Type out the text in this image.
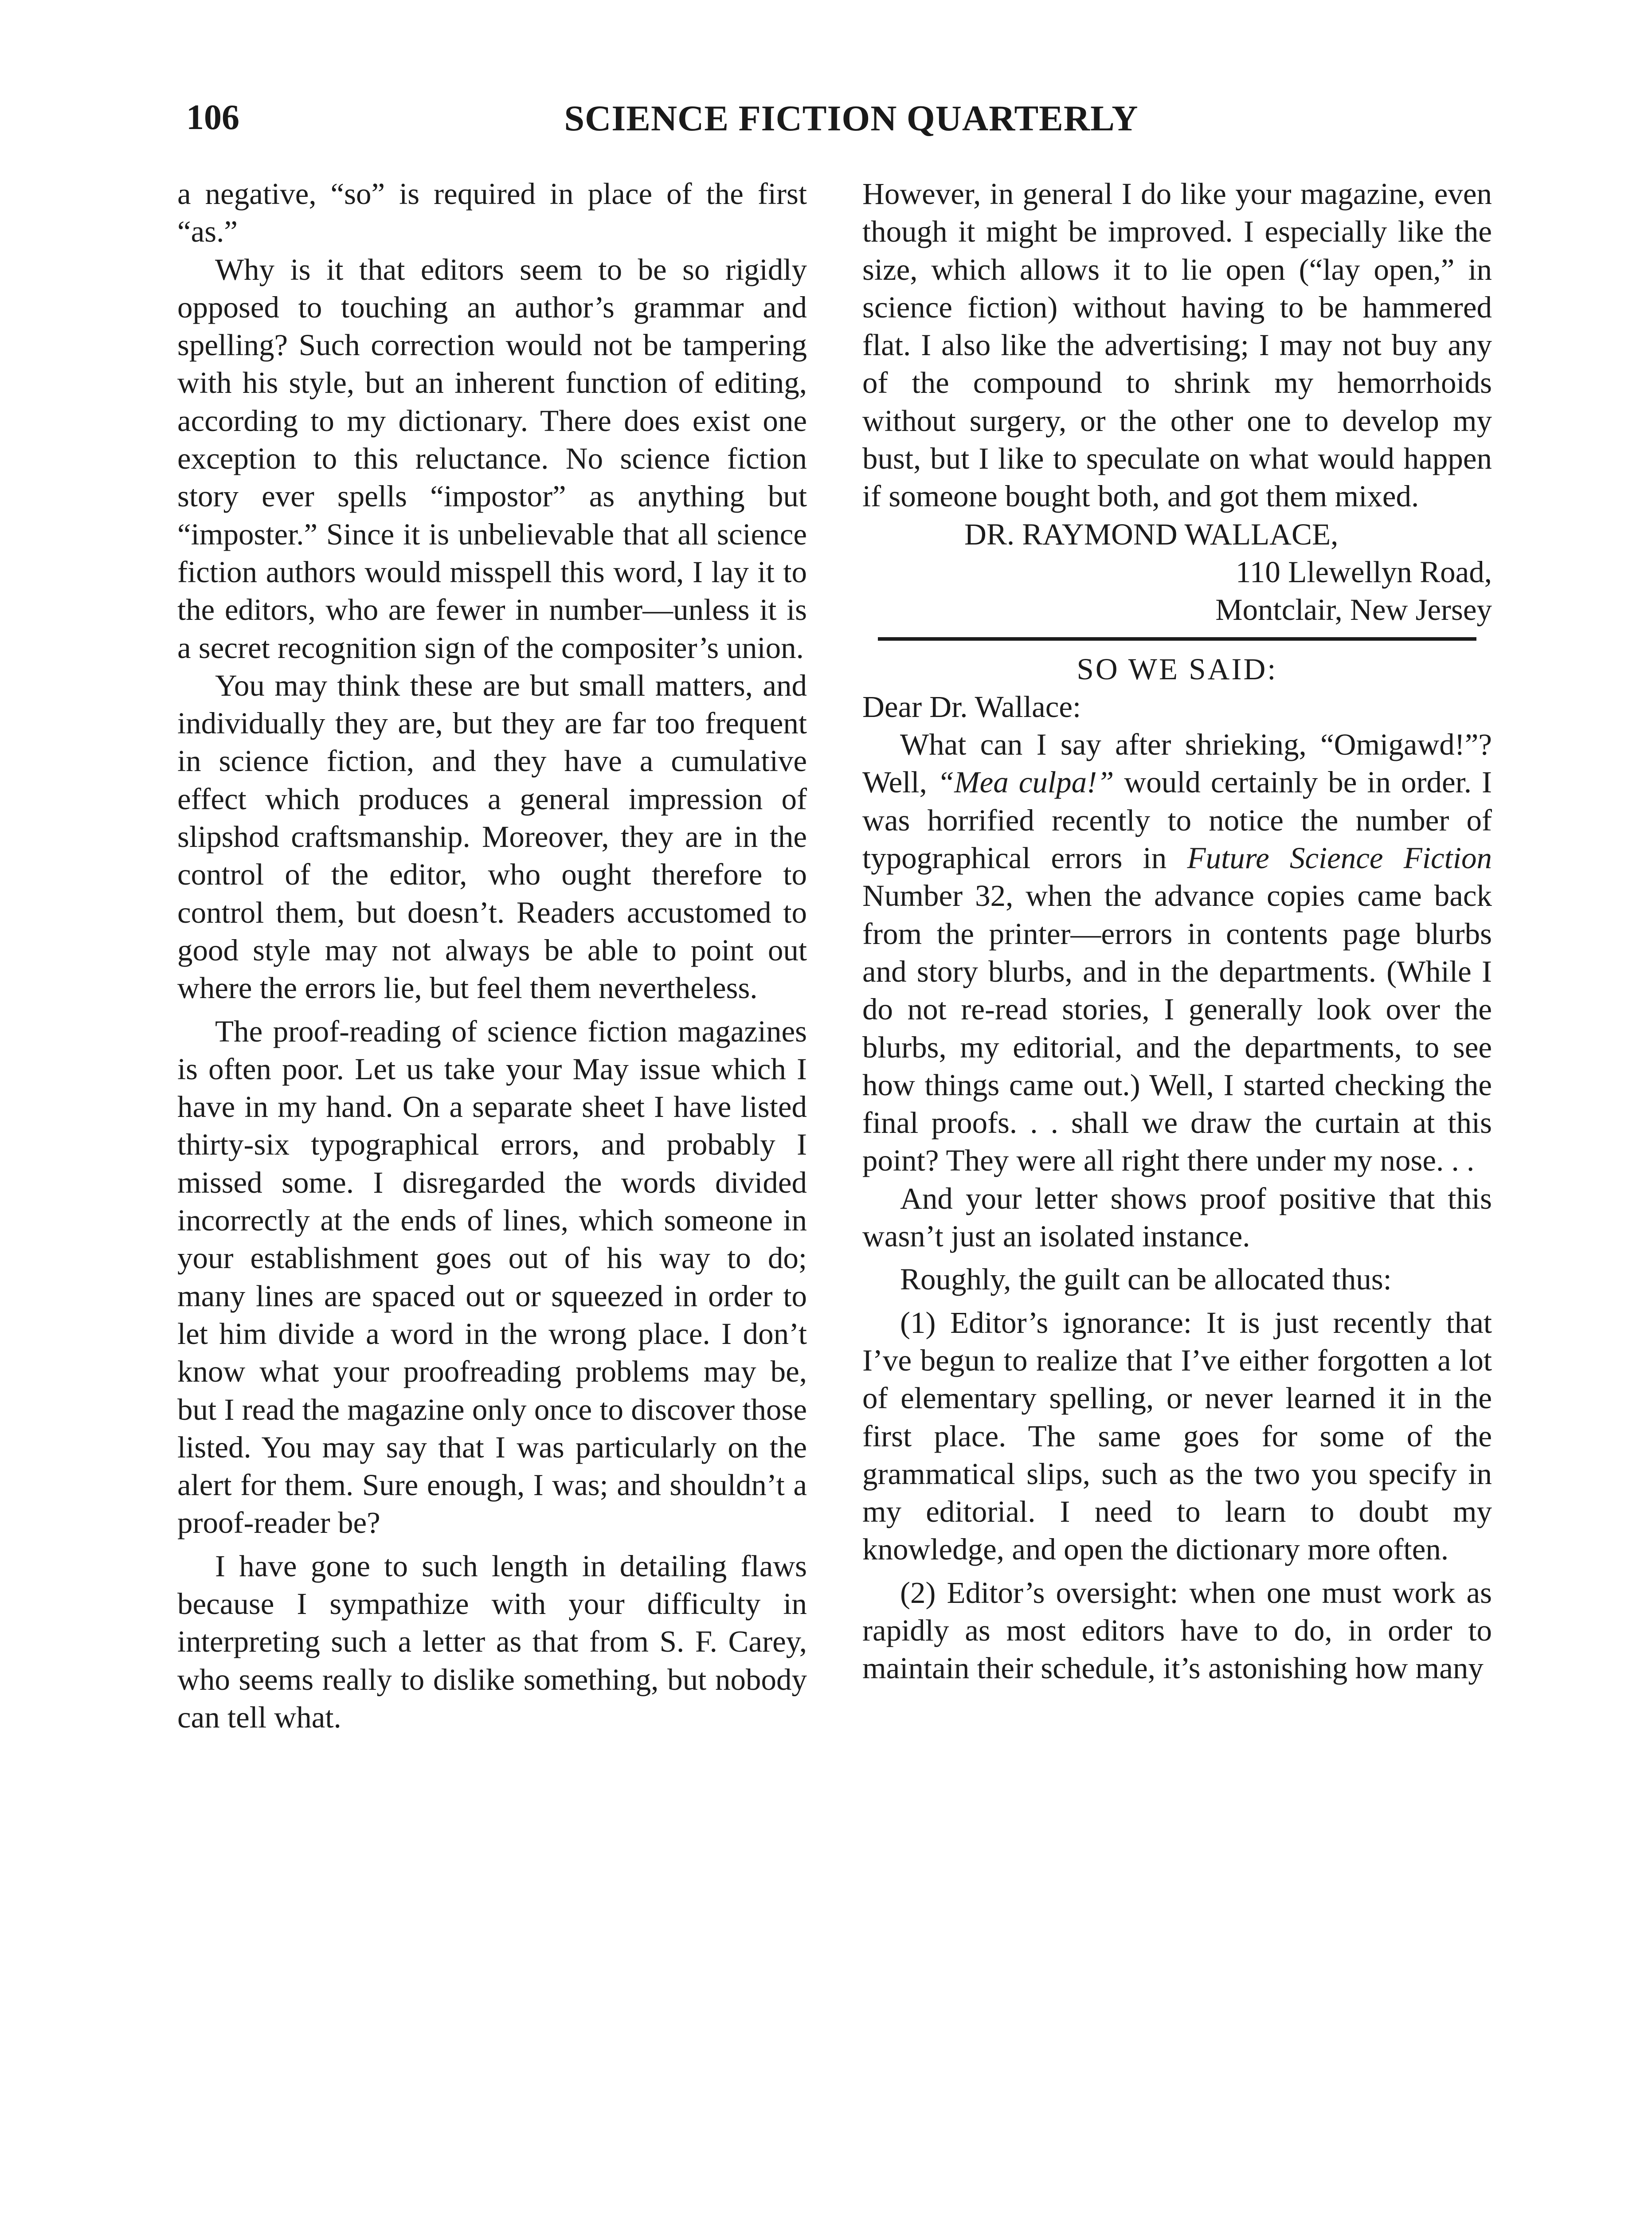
106	SCIENCE FICTION QUARTERLY

a negative, “so” is required in place of the first “as.”

Why is it that editors seem to be so rigidly opposed to touching an author’s grammar and spelling? Such correction would not be tampering with his style, but an inherent function of editing, according to my dictionary. There does exist one exception to this reluctance. No science fiction story ever spells “impostor” as anything but “imposter.” Since it is unbelievable that all science fiction authors would misspell this word, I lay it to the editors, who are fewer in number—unless it is a secret recognition sign of the compositer’s union.

You may think these are but small matters, and individually they are, but they are far too frequent in science fiction, and they have a cumulative effect which produces a general impression of slipshod craftsmanship. Moreover, they are in the control of the editor, who ought therefore to control them, but doesn’t. Readers accustomed to good style may not always be able to point out where the errors lie, but feel them nevertheless.

The proof-reading of science fiction magazines is often poor. Let us take your May issue which I have in my hand. On a separate sheet I have listed thirty-six typographical errors, and probably I missed some. I disregarded the words divided incorrectly at the ends of lines, which someone in your establishment goes out of his way to do; many lines are spaced out or squeezed in order to let him divide a word in the wrong place. I don’t know what your proofreading problems may be, but I read the magazine only once to discover those listed. You may say that I was particularly on the alert for them. Sure enough, I was; and shouldn’t a proof-reader be?

I have gone to such length in detailing flaws because I sympathize with your difficulty in interpreting such a letter as that from S. F. Carey, who seems really to dislike something, but nobody can tell what.

However, in general I do like your magazine, even though it might be improved. I especially like the size, which allows it to lie open (“lay open,” in science fiction) without having to be hammered flat. I also like the advertising; I may not buy any of the compound to shrink my hemorrhoids without surgery, or the other one to develop my bust, but I like to speculate on what would happen if someone bought both, and got them mixed.

DR. RAYMOND WALLACE,

110 Llewellyn Road,

Montclair, New Jersey

SO WE SAID:

Dear Dr. Wallace:

What can I say after shrieking, “Omigawd!”? Well, “Mea culpa!” would certainly be in order. I was horrified recently to notice the number of typographical errors in Future Science Fiction Number 32, when the advance copies came back from the printer—errors in contents page blurbs and story blurbs, and in the departments. (While I do not re-read stories, I generally look over the blurbs, my editorial, and the departments, to see how things came out.) Well, I started checking the final proofs. . . shall we draw the curtain at this point? They were all right there under my nose. . .

And your letter shows proof positive that this wasn’t just an isolated instance.

Roughly, the guilt can be allocated thus:

(1) Editor’s ignorance: It is just recently that I’ve begun to realize that I’ve either forgotten a lot of elementary spelling, or never learned it in the first place. The same goes for some of the grammatical slips, such as the two you specify in my editorial. I need to learn to doubt my knowledge, and open the dictionary more often.

(2) Editor’s oversight: when one must work as rapidly as most editors have to do, in order to maintain their schedule, it’s astonishing how many
